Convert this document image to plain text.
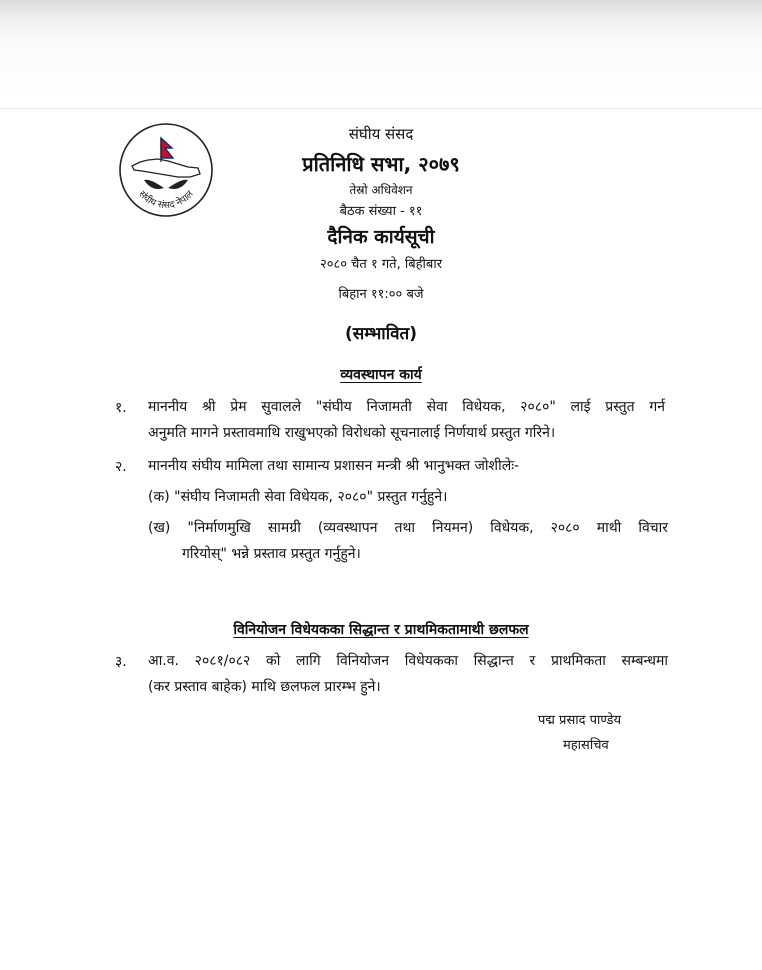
संघीय संसद नेपाल
संघीय संसद
प्रतिनिधि सभा, २०७९
तेस्रो अधिवेशन
बैठक संख्या - ११
दैनिक कार्यसूची
२०८० चैत १ गते, बिहीबार
बिहान ११:०० बजे
(सम्भावित)
व्यवस्थापन कार्य
१. माननीय श्री प्रेम सुवालले "संघीय निजामती सेवा विधेयक, २०८०" लाई प्रस्तुत गर्न
अनुमति मागने प्रस्तावमाथि राखुभएको विरोधको सूचनालाई निर्णयार्थ प्रस्तुत गरिने।
२. माननीय संघीय मामिला तथा सामान्य प्रशासन मन्त्री श्री भानुभक्त जोशीलेः-
(क) "संघीय निजामती सेवा विधेयक, २०८०" प्रस्तुत गर्नुहुने।
(ख) "निर्माणमुखि सामग्री (व्यवस्थापन तथा नियमन) विधेयक, २०८० माथी विचार
गरियोस्" भन्ने प्रस्ताव प्रस्तुत गर्नुहुने।
विनियोजन विधेयकका सिद्धान्त र प्राथमिकतामाथी छलफल
३. आ.व. २०८१/०८२ को लागि विनियोजन विधेयकका सिद्धान्त र प्राथमिकता सम्बन्धमा
(कर प्रस्ताव बाहेक) माथि छलफल प्रारम्भ हुने।
पद्म प्रसाद पाण्डेय
महासचिव
